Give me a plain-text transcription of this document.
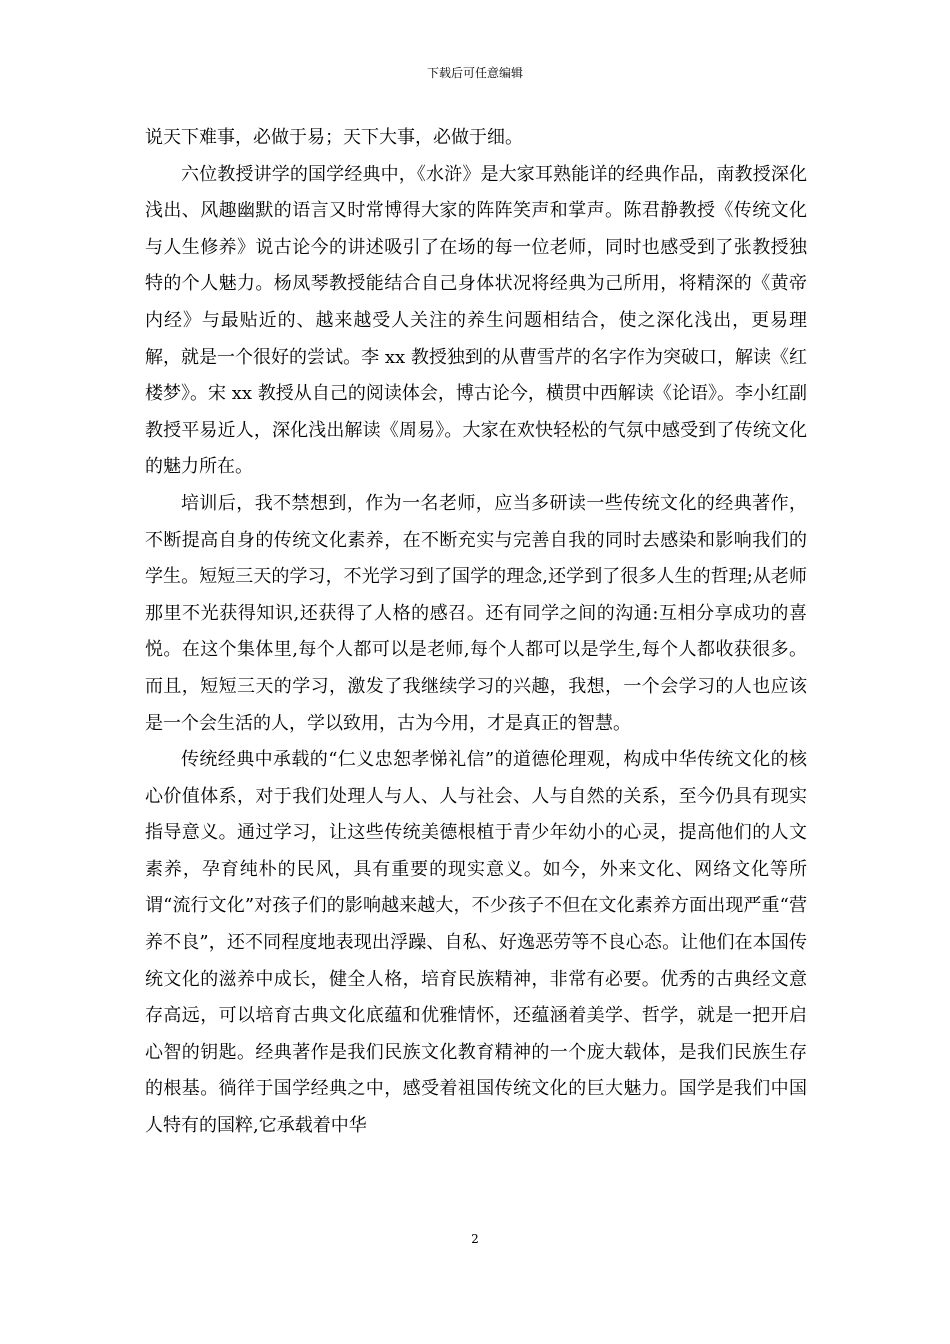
下载后可任意编辑

说天下难事，必做于易；天下大事，必做于细。

六位教授讲学的国学经典中，《水浒》是大家耳熟能详的经典作品，南教授深化浅出、风趣幽默的语言又时常博得大家的阵阵笑声和掌声。陈君静教授《传统文化与人生修养》说古论今的讲述吸引了在场的每一位老师，同时也感受到了张教授独特的个人魅力。杨凤琴教授能结合自己身体状况将经典为己所用，将精深的《黄帝内经》与最贴近的、越来越受人关注的养生问题相结合，使之深化浅出，更易理解，就是一个很好的尝试。李 xx 教授独到的从曹雪芹的名字作为突破口，解读《红楼梦》。宋 xx 教授从自己的阅读体会，博古论今，横贯中西解读《论语》。李小红副教授平易近人，深化浅出解读《周易》。大家在欢快轻松的气氛中感受到了传统文化的魅力所在。

培训后，我不禁想到，作为一名老师，应当多研读一些传统文化的经典著作，不断提高自身的传统文化素养，在不断充实与完善自我的同时去感染和影响我们的学生。短短三天的学习，不光学习到了国学的理念,还学到了很多人生的哲理;从老师那里不光获得知识,还获得了人格的感召。还有同学之间的沟通:互相分享成功的喜悦。在这个集体里,每个人都可以是老师,每个人都可以是学生,每个人都收获很多。而且，短短三天的学习，激发了我继续学习的兴趣，我想，一个会学习的人也应该是一个会生活的人，学以致用，古为今用，才是真正的智慧。

传统经典中承载的“仁义忠恕孝悌礼信”的道德伦理观，构成中华传统文化的核心价值体系，对于我们处理人与人、人与社会、人与自然的关系，至今仍具有现实指导意义。通过学习，让这些传统美德根植于青少年幼小的心灵，提高他们的人文素养，孕育纯朴的民风，具有重要的现实意义。如今，外来文化、网络文化等所谓“流行文化”对孩子们的影响越来越大，不少孩子不但在文化素养方面出现严重“营养不良”，还不同程度地表现出浮躁、自私、好逸恶劳等不良心态。让他们在本国传统文化的滋养中成长，健全人格，培育民族精神，非常有必要。优秀的古典经文意存高远，可以培育古典文化底蕴和优雅情怀，还蕴涵着美学、哲学，就是一把开启心智的钥匙。经典著作是我们民族文化教育精神的一个庞大载体，是我们民族生存的根基。徜徉于国学经典之中，感受着祖国传统文化的巨大魅力。国学是我们中国人特有的国粹,它承载着中华

2
